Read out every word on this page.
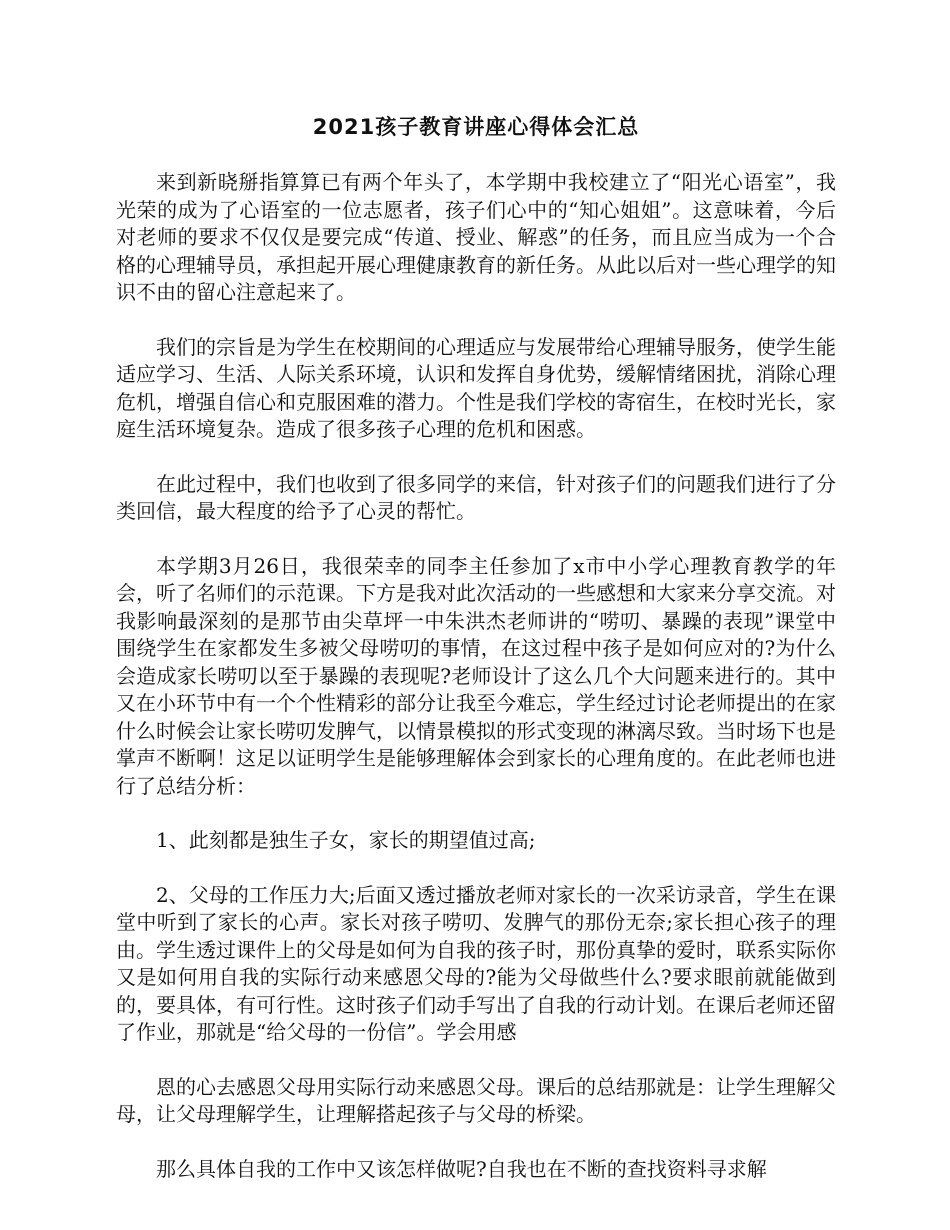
2021孩子教育讲座心得体会汇总

来到新晓掰指算算已有两个年头了，本学期中我校建立了“阳光心语室”，我光荣的成为了心语室的一位志愿者，孩子们心中的“知心姐姐”。这意味着，今后对老师的要求不仅仅是要完成“传道、授业、解惑”的任务，而且应当成为一个合格的心理辅导员，承担起开展心理健康教育的新任务。从此以后对一些心理学的知识不由的留心注意起来了。

我们的宗旨是为学生在校期间的心理适应与发展带给心理辅导服务，使学生能适应学习、生活、人际关系环境，认识和发挥自身优势，缓解情绪困扰，消除心理危机，增强自信心和克服困难的潜力。个性是我们学校的寄宿生，在校时光长，家庭生活环境复杂。造成了很多孩子心理的危机和困惑。

在此过程中，我们也收到了很多同学的来信，针对孩子们的问题我们进行了分类回信，最大程度的给予了心灵的帮忙。

本学期3月26日，我很荣幸的同李主任参加了x市中小学心理教育教学的年会，听了名师们的示范课。下方是我对此次活动的一些感想和大家来分享交流。对我影响最深刻的是那节由尖草坪一中朱洪杰老师讲的“唠叨、暴躁的表现”课堂中围绕学生在家都发生多被父母唠叨的事情，在这过程中孩子是如何应对的?为什么会造成家长唠叨以至于暴躁的表现呢?老师设计了这么几个大问题来进行的。其中又在小环节中有一个个性精彩的部分让我至今难忘，学生经过讨论老师提出的在家什么时候会让家长唠叨发脾气，以情景模拟的形式变现的淋漓尽致。当时场下也是掌声不断啊！这足以证明学生是能够理解体会到家长的心理角度的。在此老师也进行了总结分析：

1、此刻都是独生子女，家长的期望值过高;

2、父母的工作压力大;后面又透过播放老师对家长的一次采访录音，学生在课堂中听到了家长的心声。家长对孩子唠叨、发脾气的那份无奈;家长担心孩子的理由。学生透过课件上的父母是如何为自我的孩子时，那份真挚的爱时，联系实际你又是如何用自我的实际行动来感恩父母的?能为父母做些什么?要求眼前就能做到的，要具体，有可行性。这时孩子们动手写出了自我的行动计划。在课后老师还留了作业，那就是“给父母的一份信”。学会用感

恩的心去感恩父母用实际行动来感恩父母。课后的总结那就是：让学生理解父母，让父母理解学生，让理解搭起孩子与父母的桥梁。

那么具体自我的工作中又该怎样做呢?自我也在不断的查找资料寻求解
